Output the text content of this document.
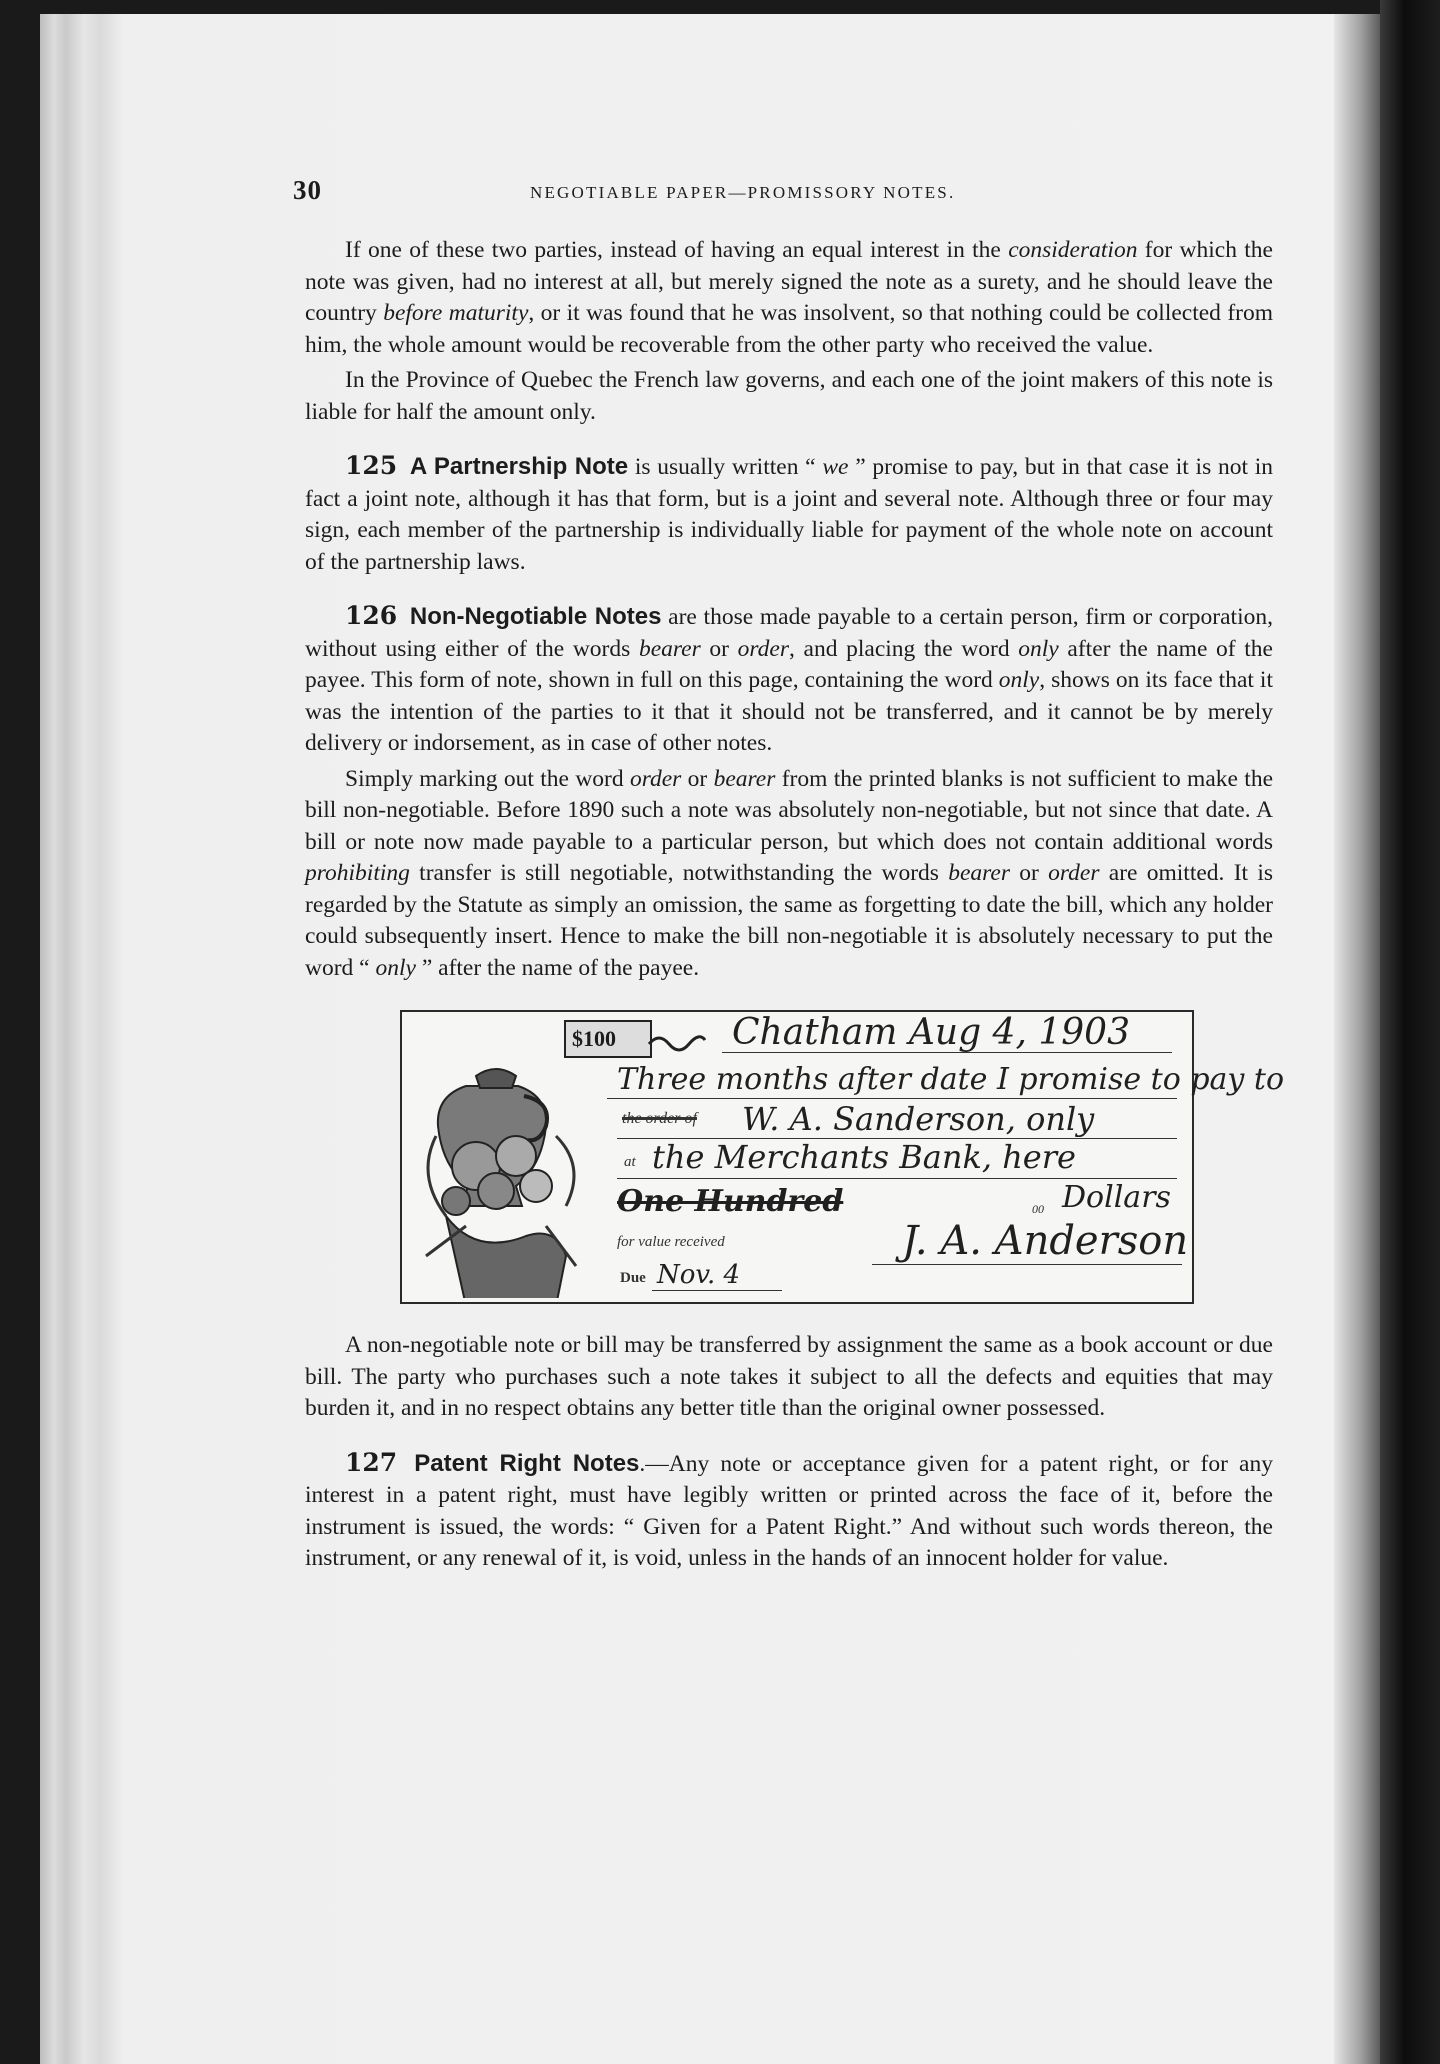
30	NEGOTIABLE PAPER—PROMISSORY NOTES.

If one of these two parties, instead of having an equal interest in the consideration for which the note was given, had no interest at all, but merely signed the note as a surety, and he should leave the country before maturity, or it was found that he was insolvent, so that nothing could be collected from him, the whole amount would be recoverable from the other party who received the value.

In the Province of Quebec the French law governs, and each one of the joint makers of this note is liable for half the amount only.

125 A Partnership Note is usually written “ we ” promise to pay, but in that case it is not in fact a joint note, although it has that form, but is a joint and several note. Although three or four may sign, each member of the partnership is individually liable for payment of the whole note on account of the partnership laws.

126 Non-Negotiable Notes are those made payable to a certain person, firm or corporation, without using either of the words bearer or order, and placing the word only after the name of the payee. This form of note, shown in full on this page, containing the word only, shows on its face that it was the intention of the parties to it that it should not be transferred, and it cannot be by merely delivery or indorsement, as in case of other notes.

Simply marking out the word order or bearer from the printed blanks is not sufficient to make the bill non-negotiable. Before 1890 such a note was absolutely non-negotiable, but not since that date. A bill or note now made payable to a particular person, but which does not contain additional words prohibiting transfer is still negotiable, notwithstanding the words bearer or order are omitted. It is regarded by the Statute as simply an omission, the same as forgetting to date the bill, which any holder could subsequently insert. Hence to make the bill non-negotiable it is absolutely necessary to put the word “ only ” after the name of the payee.

$100	Chatham Aug 4, 1903
Three months after date I promise to pay to
the order of W. A. Sanderson, only
at the Merchants Bank, here
One Hundred	00 Dollars
for value received	J. A. Anderson
Due Nov. 4

A non-negotiable note or bill may be transferred by assignment the same as a book account or due bill. The party who purchases such a note takes it subject to all the defects and equities that may burden it, and in no respect obtains any better title than the original owner possessed.

127 Patent Right Notes.—Any note or acceptance given for a patent right, or for any interest in a patent right, must have legibly written or printed across the face of it, before the instrument is issued, the words: “ Given for a Patent Right.” And without such words thereon, the instrument, or any renewal of it, is void, unless in the hands of an innocent holder for value.
